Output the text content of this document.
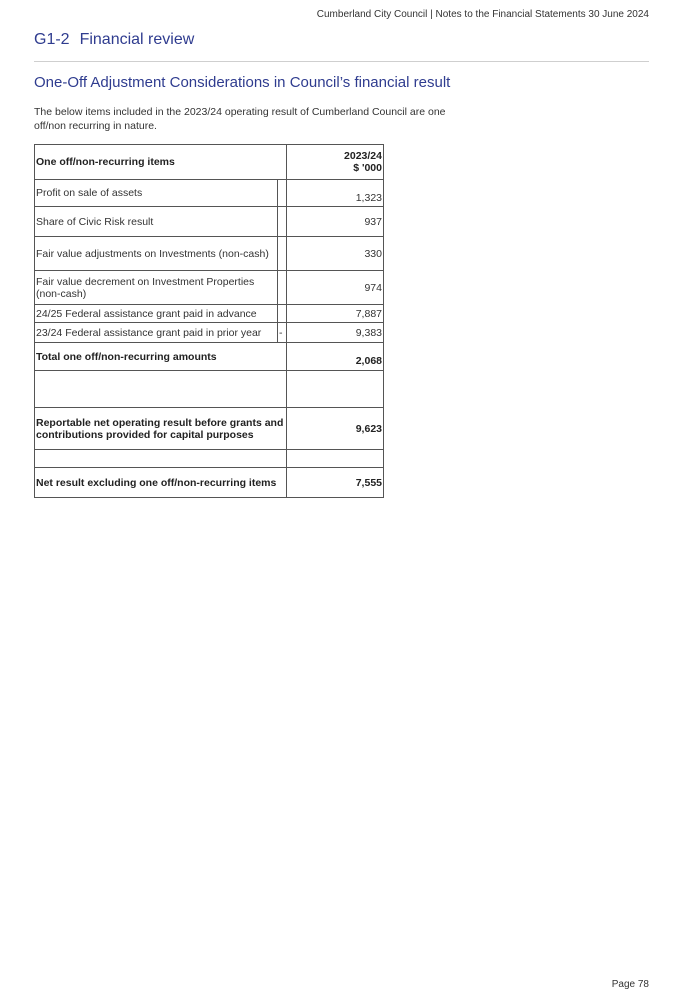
Cumberland City Council | Notes to the Financial Statements 30 June 2024
G1-2 Financial review
One-Off Adjustment Considerations in Council’s financial result
The below items included in the 2023/24 operating result of Cumberland Council are one off/non recurring in nature.
One off/non-recurring items		2023/24
$ '000

Profit on sale of assets		1,323
Share of Civic Risk result		937
Fair value adjustments on Investments (non-cash)		330
Fair value decrement on Investment Properties (non-cash)		974
24/25 Federal assistance grant paid in advance		7,887
23/24 Federal assistance grant paid in prior year	-	9,383
Total one off/non-recurring amounts		2,068

Reportable net operating result before grants and contributions provided for capital purposes		9,623

Net result excluding one off/non-recurring items		7,555
Page 78
